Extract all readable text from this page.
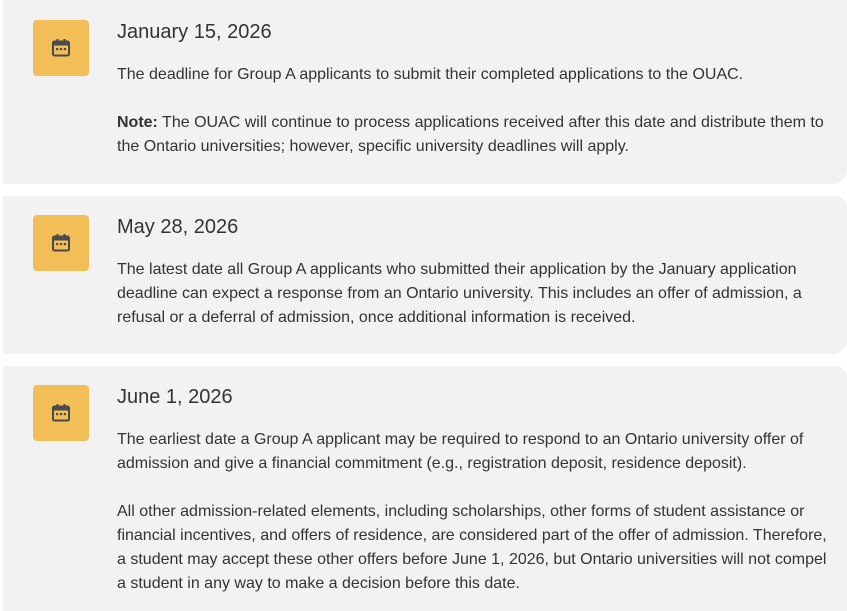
January 15, 2026

The deadline for Group A applicants to submit their completed applications to the OUAC.

Note: The OUAC will continue to process applications received after this date and distribute them to the Ontario universities; however, specific university deadlines will apply.

May 28, 2026

The latest date all Group A applicants who submitted their application by the January application deadline can expect a response from an Ontario university. This includes an offer of admission, a refusal or a deferral of admission, once additional information is received.

June 1, 2026

The earliest date a Group A applicant may be required to respond to an Ontario university offer of admission and give a financial commitment (e.g., registration deposit, residence deposit).

All other admission-related elements, including scholarships, other forms of student assistance or financial incentives, and offers of residence, are considered part of the offer of admission. Therefore, a student may accept these other offers before June 1, 2026, but Ontario universities will not compel a student in any way to make a decision before this date.
